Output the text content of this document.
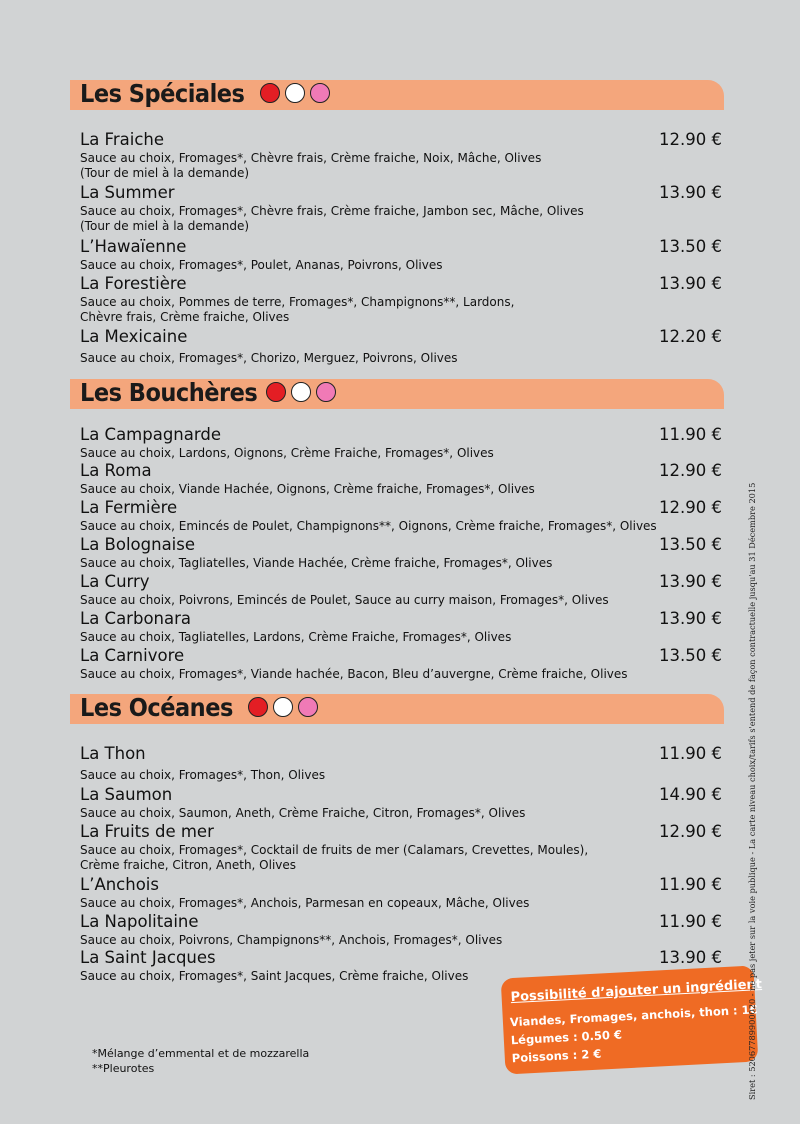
Les Spéciales
La Fraiche	12.90 €
Sauce au choix, Fromages*, Chèvre frais, Crème fraiche, Noix, Mâche, Olives
(Tour de miel à la demande)
La Summer	13.90 €
Sauce au choix, Fromages*, Chèvre frais, Crème fraiche, Jambon sec, Mâche, Olives
(Tour de miel à la demande)
L’Hawaïenne	13.50 €
Sauce au choix, Fromages*, Poulet, Ananas, Poivrons, Olives
La Forestière	13.90 €
Sauce au choix, Pommes de terre, Fromages*, Champignons**, Lardons,
Chèvre frais, Crème fraiche, Olives
La Mexicaine	12.20 €
Sauce au choix, Fromages*, Chorizo, Merguez, Poivrons, Olives
Les Bouchères
La Campagnarde	11.90 €
Sauce au choix, Lardons, Oignons, Crème Fraiche, Fromages*, Olives
La Roma	12.90 €
Sauce au choix, Viande Hachée, Oignons, Crème fraiche, Fromages*, Olives
La Fermière	12.90 €
Sauce au choix, Emincés de Poulet, Champignons**, Oignons, Crème fraiche, Fromages*, Olives
La Bolognaise	13.50 €
Sauce au choix, Tagliatelles, Viande Hachée, Crème fraiche, Fromages*, Olives
La Curry	13.90 €
Sauce au choix, Poivrons, Emincés de Poulet, Sauce au curry maison, Fromages*, Olives
La Carbonara	13.90 €
Sauce au choix, Tagliatelles, Lardons, Crème Fraiche, Fromages*, Olives
La Carnivore	13.50 €
Sauce au choix, Fromages*, Viande hachée, Bacon, Bleu d’auvergne, Crème fraiche, Olives
Les Océanes
La Thon	11.90 €
Sauce au choix, Fromages*, Thon, Olives
La Saumon	14.90 €
Sauce au choix, Saumon, Aneth, Crème Fraiche, Citron, Fromages*, Olives
La Fruits de mer	12.90 €
Sauce au choix, Fromages*, Cocktail de fruits de mer (Calamars, Crevettes, Moules),
Crème fraiche, Citron, Aneth, Olives
L’Anchois	11.90 €
Sauce au choix, Fromages*, Anchois, Parmesan en copeaux, Mâche, Olives
La Napolitaine	11.90 €
Sauce au choix, Poivrons, Champignons**, Anchois, Fromages*, Olives
La Saint Jacques	13.90 €
Sauce au choix, Fromages*, Saint Jacques, Crème fraiche, Olives
Possibilité d’ajouter un ingrédient
Viandes, Fromages, anchois, thon : 1€
Légumes : 0.50 €
Poissons : 2 €
*Mélange d’emmental et de mozzarella
**Pleurotes	Siret : 52067789900020 - ne pas jeter sur la voie publique - La carte niveau choix/tarifs s'entend de façon contractuelle jusqu'au 31 Décembre 2015
